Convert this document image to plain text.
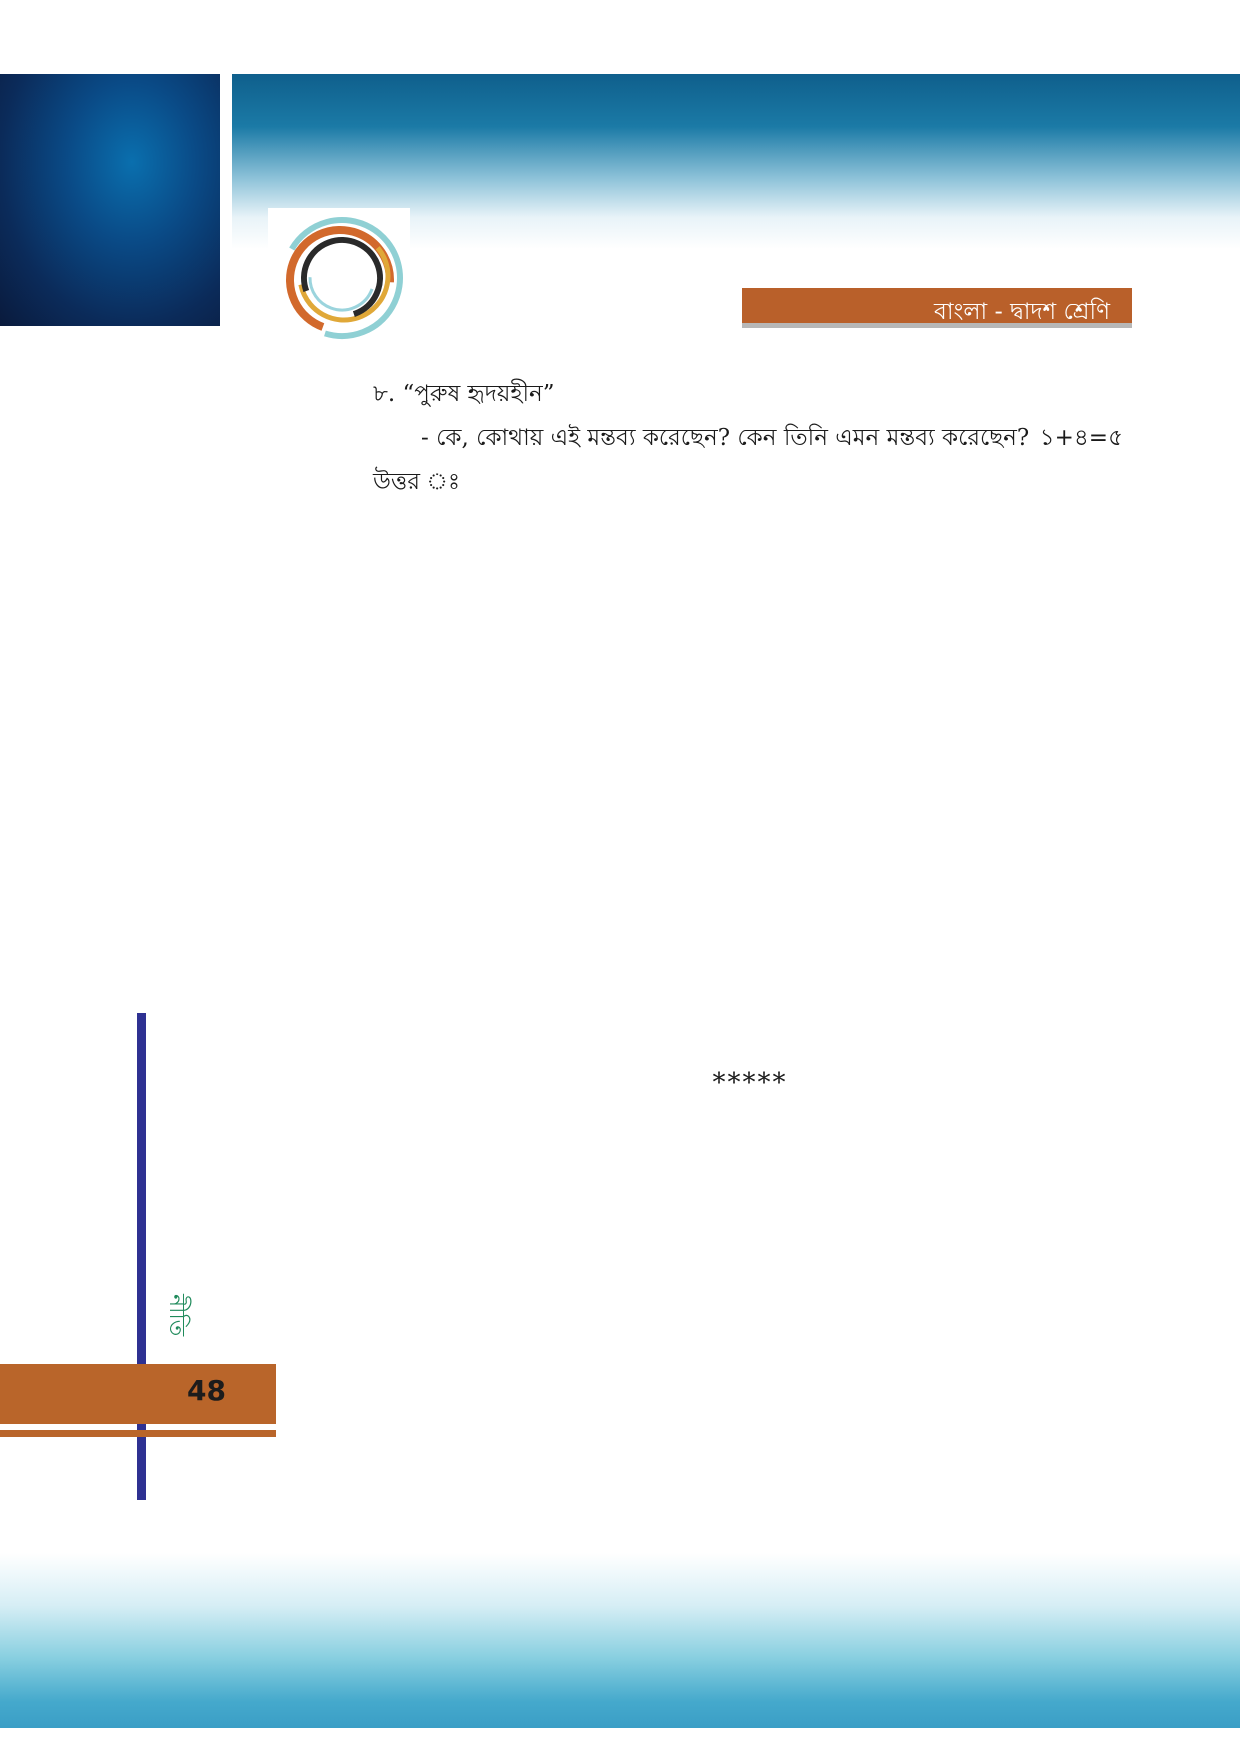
বাংলা - দ্বাদশ শ্রেণি
৮. “পুরুষ হৃদয়হীন”
- কে, কোথায় এই মন্তব্য করেছেন? কেন তিনি এমন মন্তব্য করেছেন? ১+৪=৫
উত্তর ঃ
*****
নীতি
48
